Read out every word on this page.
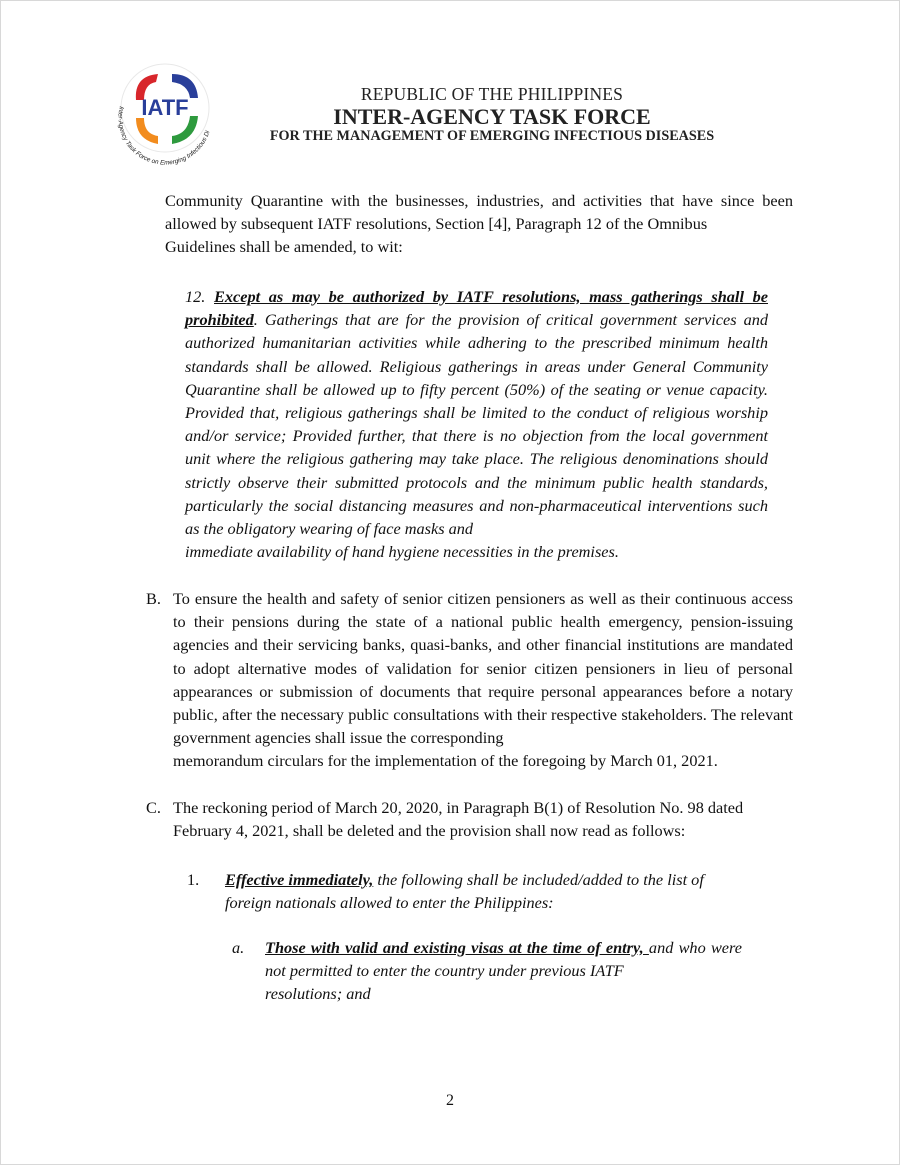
IATF
Inter-Agency Task Force on Emerging Infectious Di
REPUBLIC OF THE PHILIPPINES
INTER-AGENCY TASK FORCE
FOR THE MANAGEMENT OF EMERGING INFECTIOUS DISEASES
Community Quarantine with the businesses, industries, and activities that have since been allowed by subsequent IATF resolutions, Section [4], Paragraph 12 of the Omnibus
Guidelines shall be amended, to wit:
12. Except as may be authorized by IATF resolutions, mass gatherings shall be prohibited. Gatherings that are for the provision of critical government services and authorized humanitarian activities while adhering to the prescribed minimum health standards shall be allowed. Religious gatherings in areas under General Community Quarantine shall be allowed up to fifty percent (50%) of the seating or venue capacity. Provided that, religious gatherings shall be limited to the conduct of religious worship and/or service; Provided further, that there is no objection from the local government unit where the religious gathering may take place. The religious denominations should strictly observe their submitted protocols and the minimum public health standards, particularly the social distancing measures and non-pharmaceutical interventions such as the obligatory wearing of face masks and
immediate availability of hand hygiene necessities in the premises.
B. To ensure the health and safety of senior citizen pensioners as well as their continuous access to their pensions during the state of a national public health emergency, pension-issuing agencies and their servicing banks, quasi-banks, and other financial institutions are mandated to adopt alternative modes of validation for senior citizen pensioners in lieu of personal appearances or submission of documents that require personal appearances before a notary public, after the necessary public consultations with their respective stakeholders. The relevant government agencies shall issue the corresponding
memorandum circulars for the implementation of the foregoing by March 01, 2021.
C. The reckoning period of March 20, 2020, in Paragraph B(1) of Resolution No. 98 dated
February 4, 2021, shall be deleted and the provision shall now read as follows:
1. Effective immediately, the following shall be included/added to the list of
foreign nationals allowed to enter the Philippines:
a. Those with valid and existing visas at the time of entry, and who were not permitted to enter the country under previous IATF
resolutions; and
2
